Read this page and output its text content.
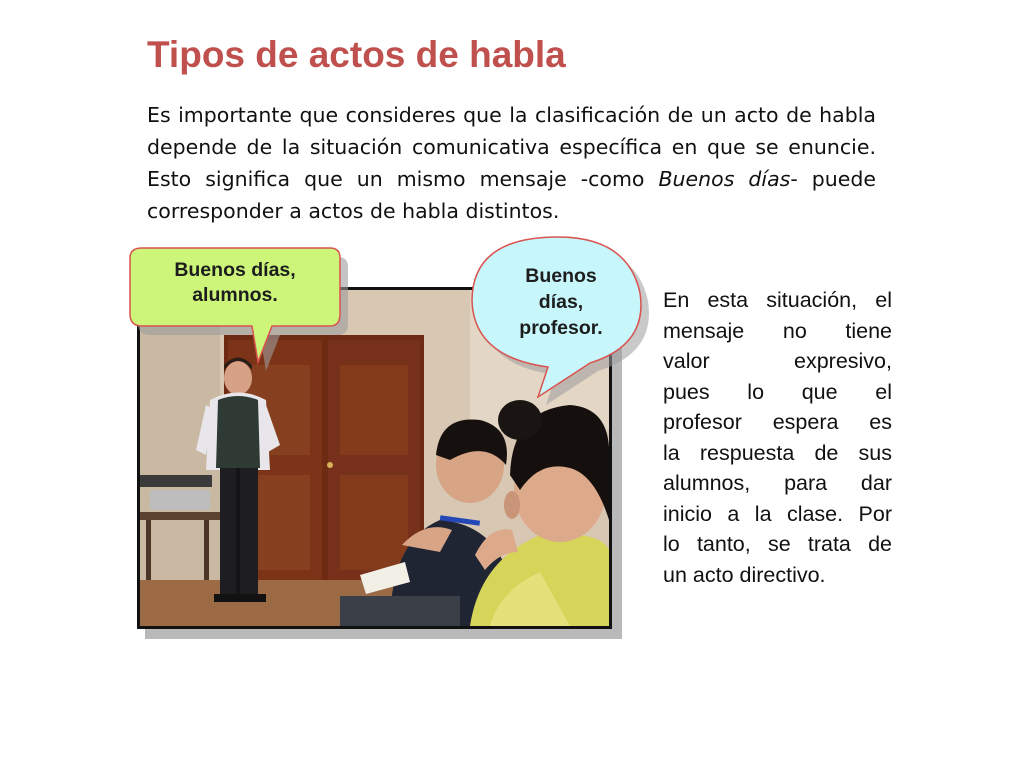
Tipos de actos de habla
Es importante que consideres que la clasificación de un acto de habla depende de la situación comunicativa específica en que se enuncie. Esto significa que un mismo mensaje -como Buenos días- puede corresponder a actos de habla distintos.
Buenos días,
alumnos.
Buenos
días,
profesor.
En esta situación, el
mensaje no tiene
valor expresivo,
pues lo que el
profesor espera es
la respuesta de sus
alumnos, para dar
inicio a la clase. Por
lo tanto, se trata de
un acto directivo.
